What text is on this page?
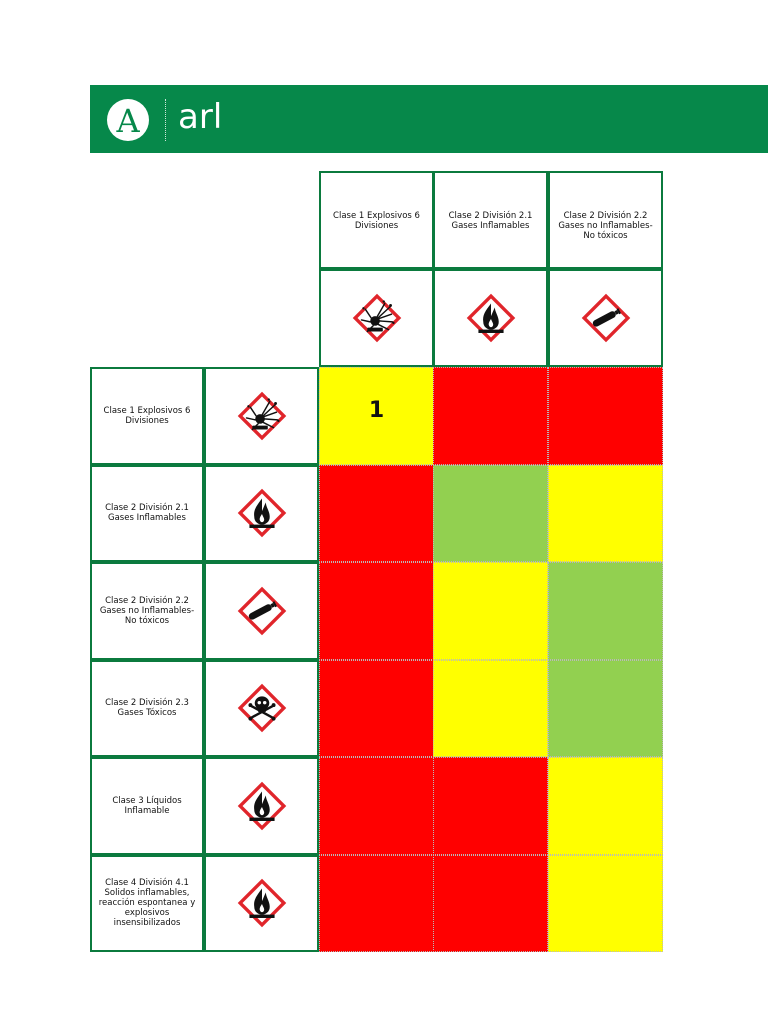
A arl
Clase 1 Explosivos 6 Divisiones
Clase 2 División 2.1 Gases Inflamables
Clase 2 División 2.2 Gases no Inflamables- No tóxicos
Clase 1 Explosivos 6 Divisiones	1
Clase 2 División 2.1 Gases Inflamables
Clase 2 División 2.2 Gases no Inflamables- No tóxicos
Clase 2 División 2.3 Gases Tóxicos
Clase 3 Líquidos Inflamable
Clase 4 División 4.1 Solidos inflamables, reacción espontanea y explosivos insensibilizados
